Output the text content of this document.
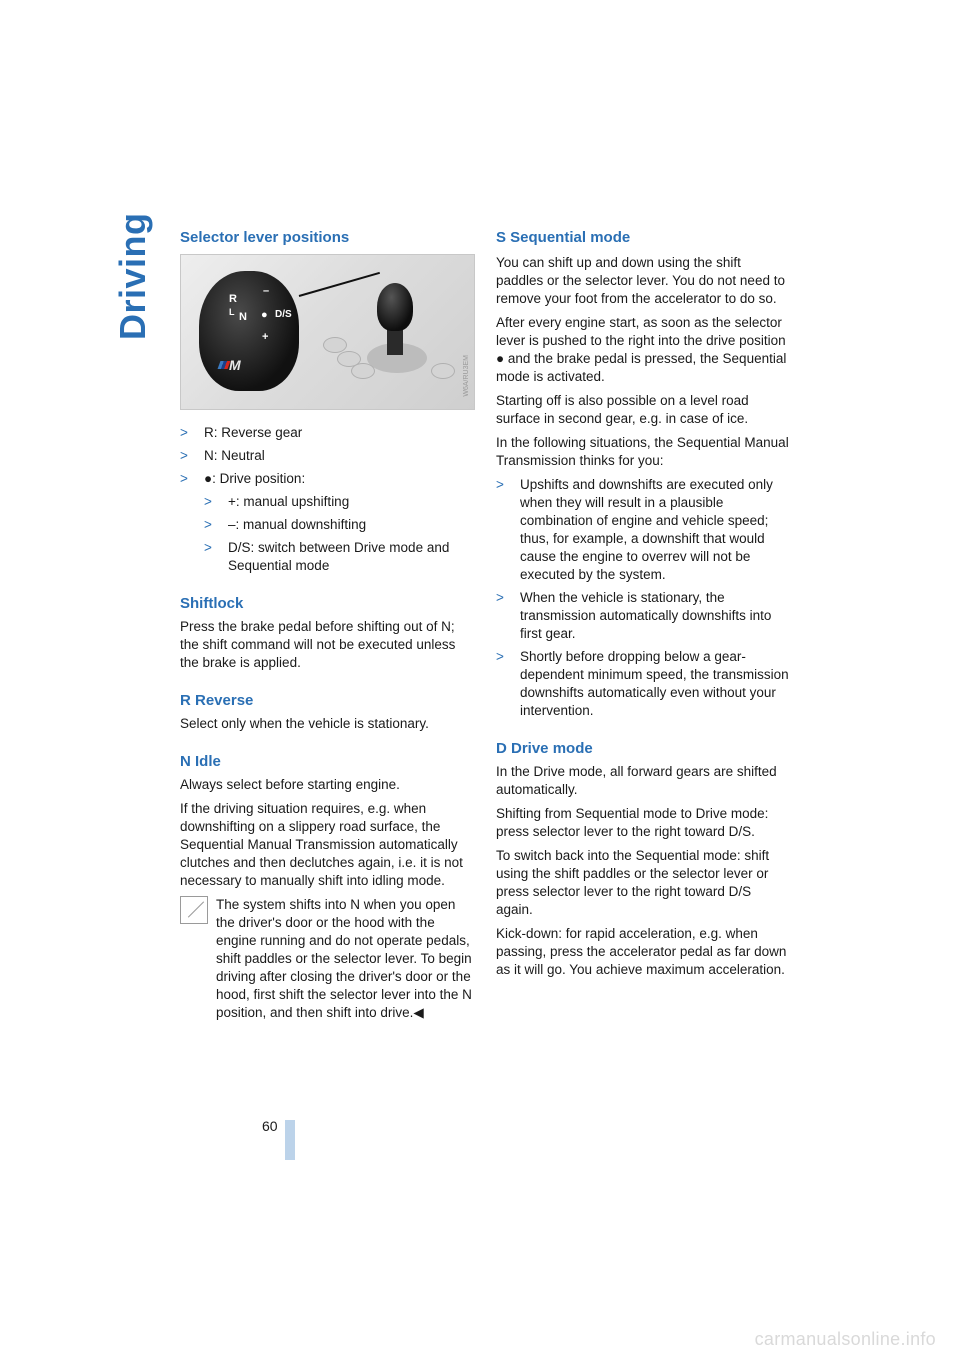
Driving Selector lever positions
R
L N
–
● D/S
+
M	W6A/RU3EM
> R: Reverse gear
> N: Neutral
> ●: Drive position:
> +: manual upshifting
> –: manual downshifting
> D/S: switch between Drive mode and Sequential mode
Shiftlock

Press the brake pedal before shifting out of N; the shift command will not be executed unless the brake is applied.

R Reverse

Select only when the vehicle is stationary.

N Idle

Always select before starting engine.

If the driving situation requires, e.g. when downshifting on a slippery road surface, the Sequential Manual Transmission automatically clutches and then declutches again, i.e. it is not necessary to manually shift into idling mode.

The system shifts into N when you open the driver's door or the hood with the engine running and do not operate pedals, shift paddles or the selector lever. To begin driving after closing the driver's door or the hood, first shift the selector lever into the N position, and then shift into drive.◀

S Sequential mode

You can shift up and down using the shift paddles or the selector lever. You do not need to remove your foot from the accelerator to do so.

After every engine start, as soon as the selector lever is pushed to the right into the drive position ● and the brake pedal is pressed, the Sequential mode is activated.

Starting off is also possible on a level road surface in second gear, e.g. in case of ice.

In the following situations, the Sequential Manual Transmission thinks for you:

> Upshifts and downshifts are executed only when they will result in a plausible combination of engine and vehicle speed; thus, for example, a downshift that would cause the engine to overrev will not be executed by the system.
> When the vehicle is stationary, the transmission automatically downshifts into first gear.
> Shortly before dropping below a gear-dependent minimum speed, the transmission downshifts automatically even without your intervention.
D Drive mode

In the Drive mode, all forward gears are shifted automatically.

Shifting from Sequential mode to Drive mode: press selector lever to the right toward D/S.

To switch back into the Sequential mode: shift using the shift paddles or the selector lever or press selector lever to the right toward D/S again.

Kick-down: for rapid acceleration, e.g. when passing, press the accelerator pedal as far down as it will go. You achieve maximum acceleration.

60
carmanualsonline.info
